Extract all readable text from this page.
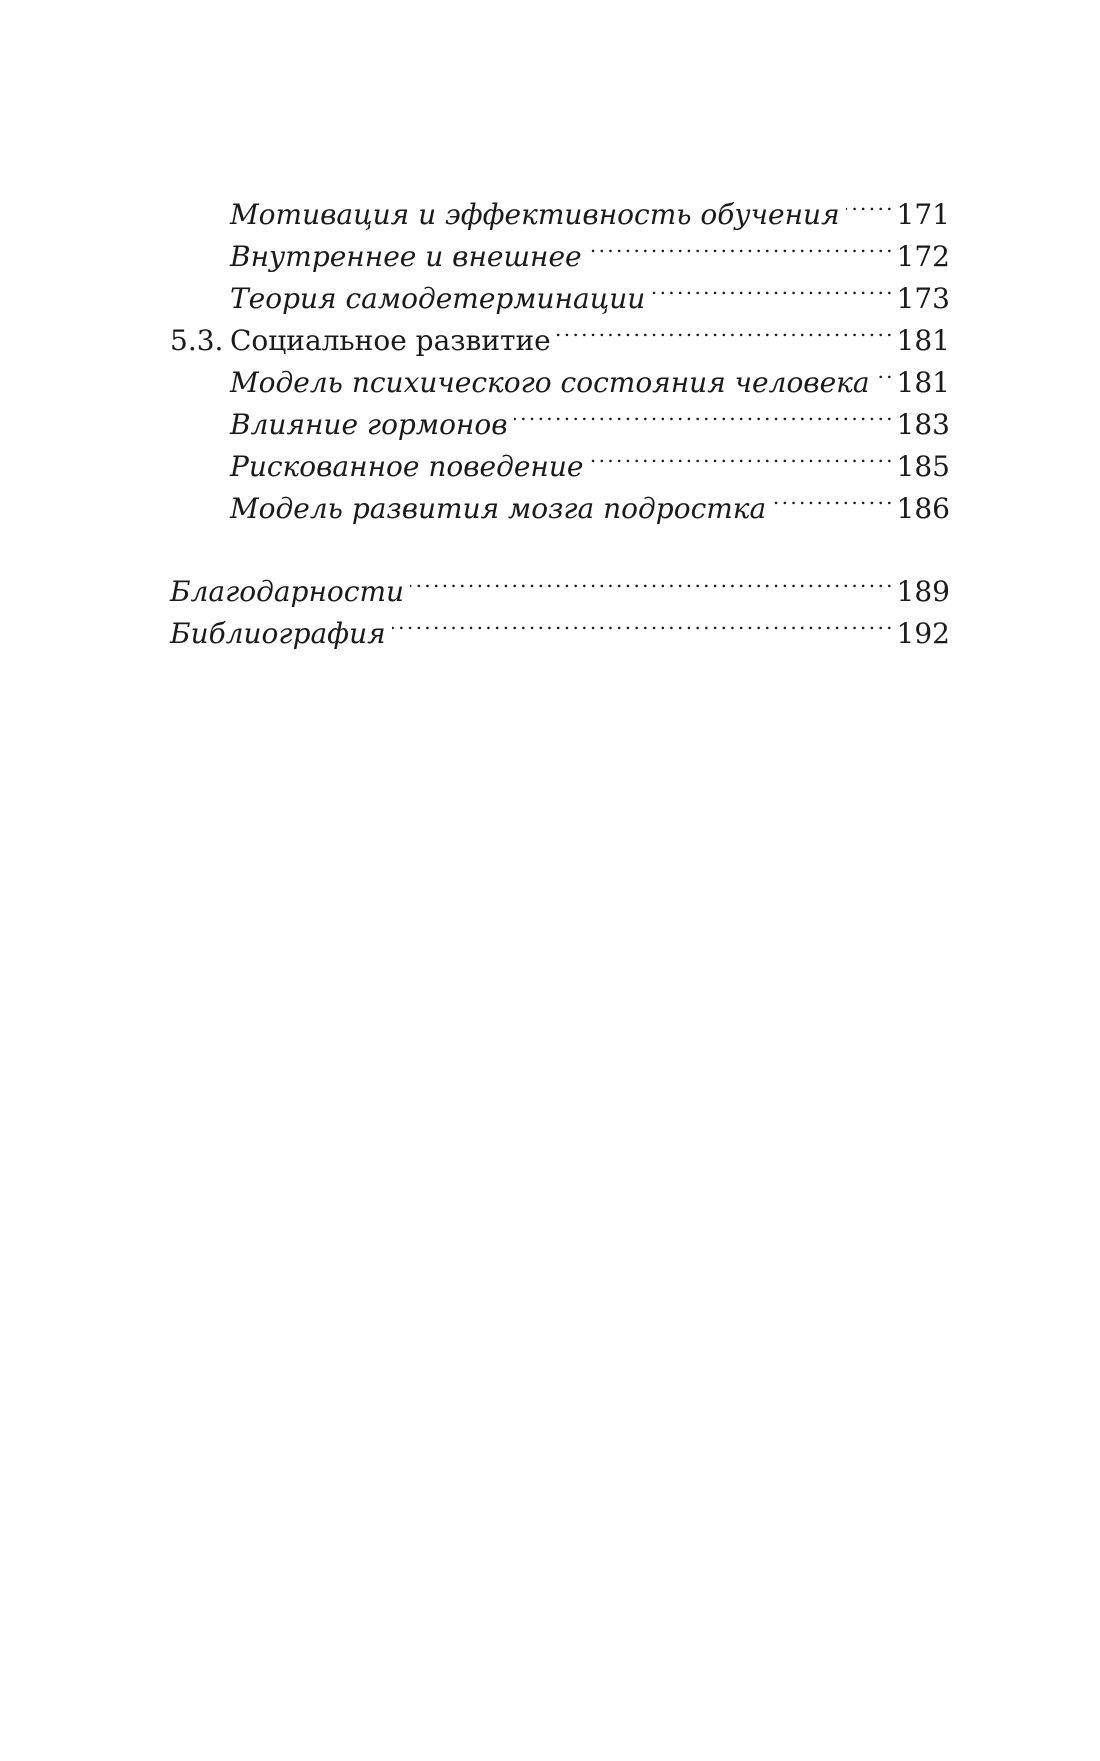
Мотивация и эффективность обучения . . . 171
Внутреннее и внешнее . . .	172
Теория самодетерминации . . .	173
5.3. Социальное развитие . . .	181
Модель психического состояния человека . . . 181
Влияние гормонов . . .	183
Рискованное поведение . . .	185
Модель развития мозга подростка . . .	186
Благодарности . . .	189
Библиография . . .	192
